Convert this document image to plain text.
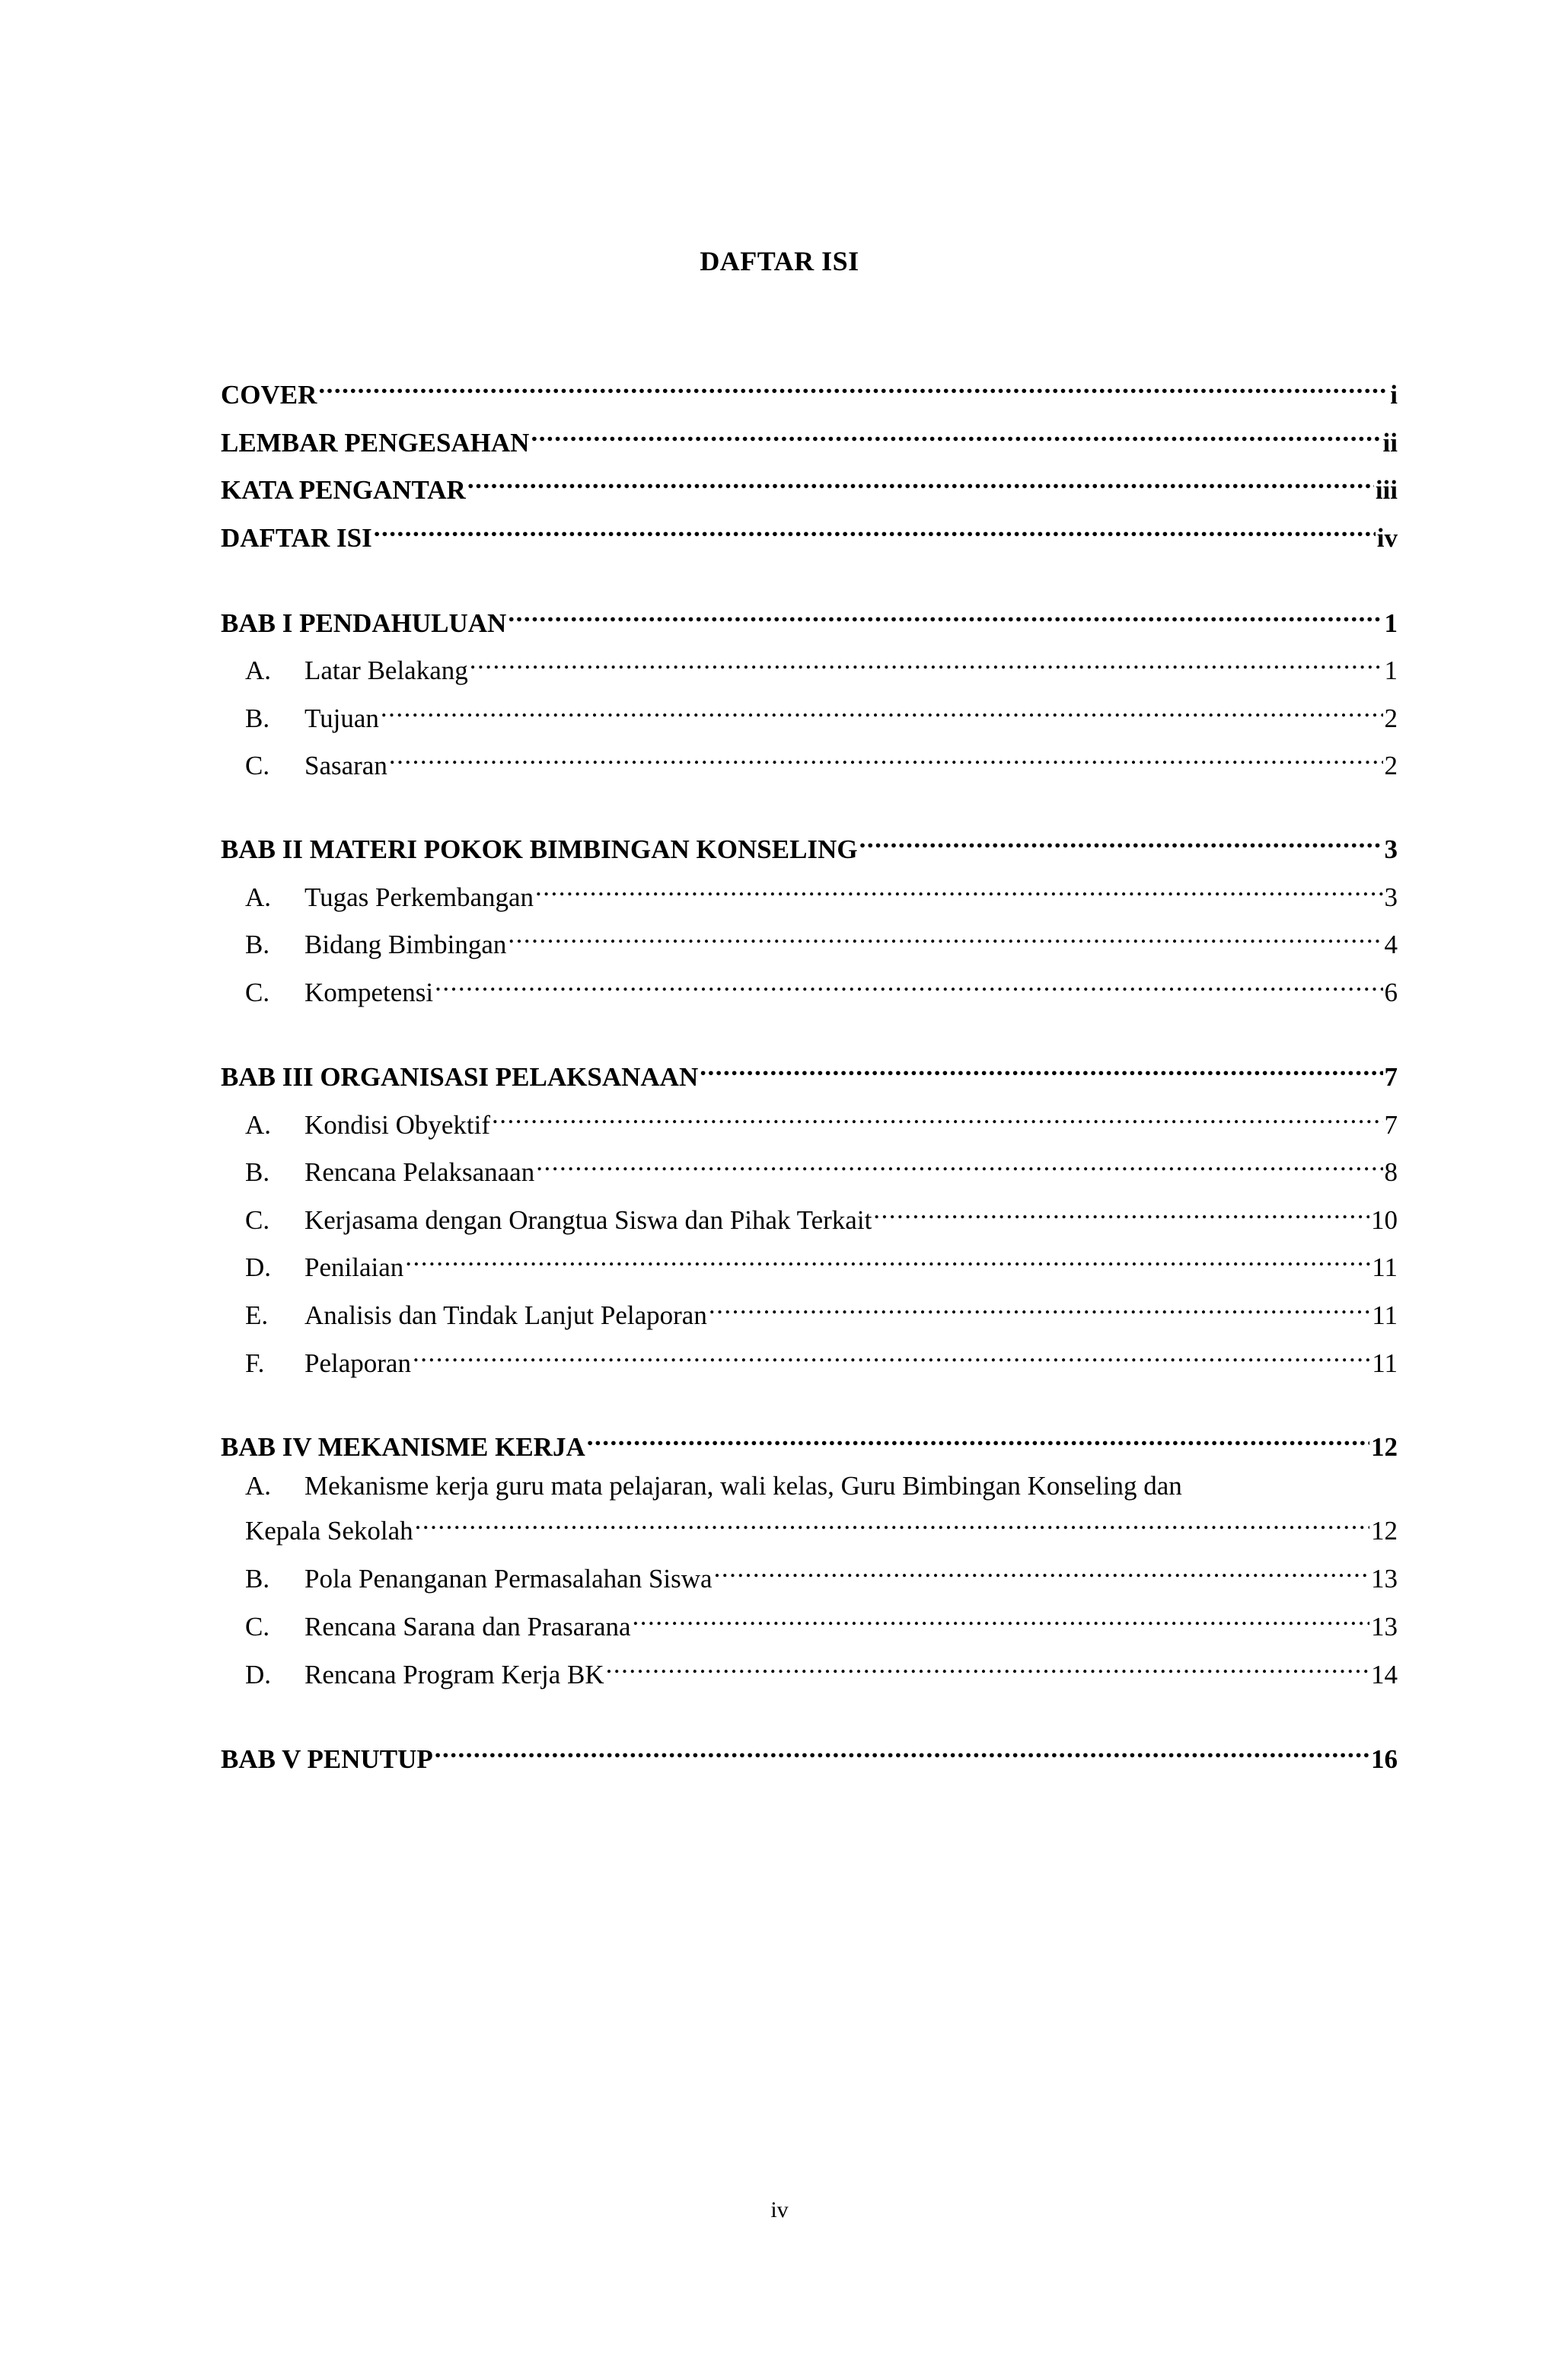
DAFTAR ISI
COVER .....	i
LEMBAR PENGESAHAN .....	ii
KATA PENGANTAR .....	iii
DAFTAR ISI .....	iv
BAB I PENDAHULUAN .....	1
A.	Latar Belakang .....	1
B.	Tujuan .....	2
C.	Sasaran .....	2
BAB II MATERI POKOK BIMBINGAN KONSELING .....	3
A.	Tugas Perkembangan .....	3
B.	Bidang Bimbingan .....	4
C.	Kompetensi .....	6
BAB III ORGANISASI PELAKSANAAN .....	7
A.	Kondisi Obyektif .....	7
B.	Rencana Pelaksanaan .....	8
C.	Kerjasama dengan Orangtua Siswa dan Pihak Terkait .....	10
D.	Penilaian .....	11
E.	Analisis dan Tindak Lanjut Pelaporan .....	11
F.	Pelaporan .....	11
BAB IV MEKANISME KERJA .....	12
A. Mekanisme kerja guru mata pelajaran, wali kelas, Guru Bimbingan Konseling dan
Kepala Sekolah .....	12
B.	Pola Penanganan Permasalahan Siswa .....	13
C.	Rencana Sarana dan Prasarana .....	13
D.	Rencana Program Kerja BK .....	14
BAB V PENUTUP .....	16
iv
